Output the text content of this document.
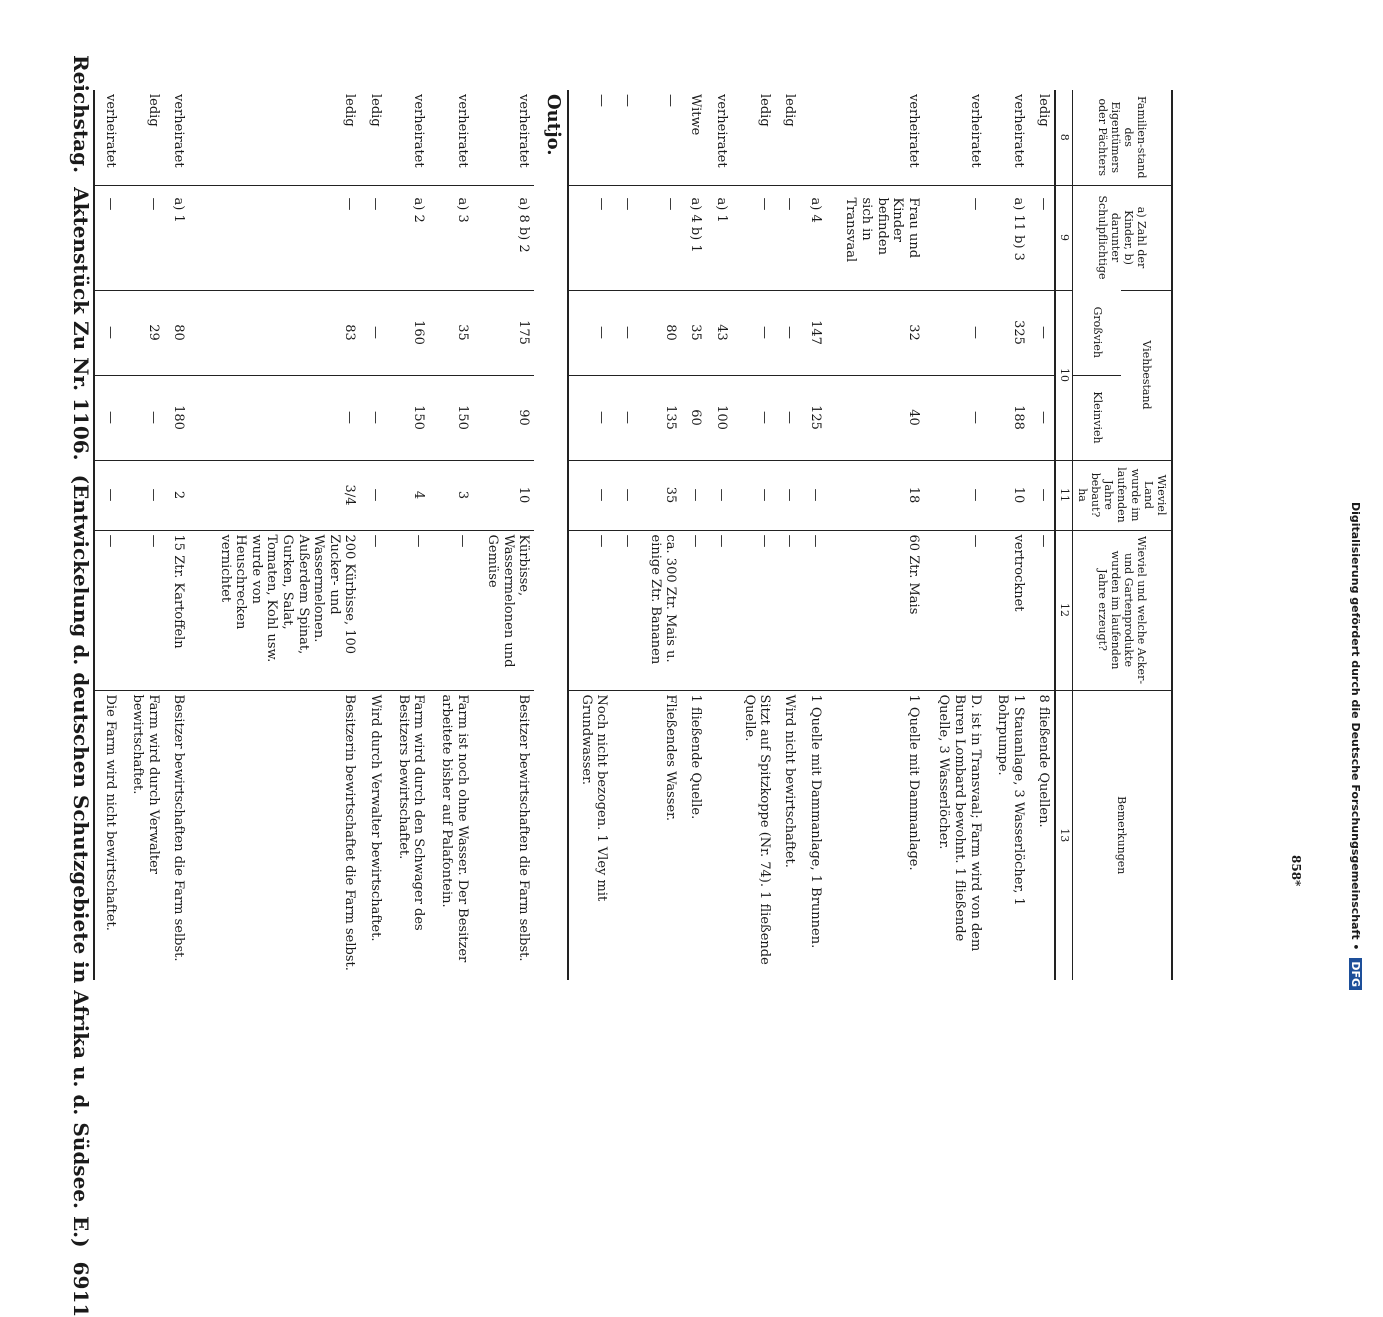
Reichstag.
Aktenstück Zu Nr. 1106.
(Entwickelung d. deutschen Schutzgebiete in Afrika u. d. Südsee. E.)
6911
Familien-stand des Eigentümers oder Pächters	a) Zahl der Kinder, b) darunter Schulpflichtige	Viehbestand		Wieviel Land wurde im laufenden Jahre bebaut? ha	Wieviel und welche Acker- und Gartenprodukte wurden im laufenden Jahre erzeugt?	Bemerkungen
		Großvieh	Kleinvieh			
8	9	10		11	12	13
ledig	—	—	—	—	—	8 fließende Quellen.
verheiratet	a) 11 b) 3	325	188	10	vertrocknet	1 Stauanlage, 3 Wasserlöcher, 1 Bohrpumpe.
verheiratet	—	—	—	—	—	D. ist in Transvaal; Farm wird von dem Buren Lombard bewohnt. 1 fließende Quelle, 3 Wasserlöcher.
verheiratet	Frau und Kinder befinden sich in Transvaal	32	40	18	60 Ztr. Mais	1 Quelle mit Dammanlage.
	a) 4	147	125	—	—	1 Quelle mit Dammanlage, 1 Brunnen.
ledig	—	—	—	—	—	Wird nicht bewirtschaftet.
ledig	—	—	—	—	—	Sitzt auf Spitzkoppe (Nr. 74). 1 fließende Quelle.
verheiratet	a) 1	43	100	—	—	
Witwe	a) 4 b) 1	35	60	—	—	1 fließende Quelle.
—	—	80	135	35	ca. 300 Ztr. Mais u. einige Ztr. Bananen	Fließendes Wasser.
—	—	—	—	—	—	
—	—	—	—	—	—	Noch nicht bezogen. 1 Vley mit Grundwasser.
Outjo.						
verheiratet	a) 8 b) 2	175	90	10	Kürbisse, Wassermelonen und Gemüse	Besitzer bewirtschaften die Farm selbst.
verheiratet	a) 3	35	150	3	—	Farm ist noch ohne Wasser. Der Besitzer arbeitete bisher auf Palafontein.
verheiratet	a) 2	160	150	4	—	Farm wird durch den Schwager des Besitzers bewirtschaftet.
ledig	—	—	—	—	—	Wird durch Verwalter bewirtschaftet.
ledig	—	83	—	3/4	200 Kürbisse, 100 Zucker- und Wassermelonen. Außerdem Spinat, Gurken, Salat, Tomaten, Kohl usw. wurde von Heuschrecken vernichtet	Besitzerin bewirtschaftet die Farm selbst.
verheiratet	a) 1	80	180	2	15 Ztr. Kartoffeln	Besitzer bewirtschaften die Farm selbst.
ledig	—	29	—	—	—	Farm wird durch Verwalter bewirtschaftet.
verheiratet	—	—	—	—	—	Die Farm wird nicht bewirtschaftet.	858*	Digitalisierung gefördert durch die Deutsche Forschungsgemeinschaft • DFG
